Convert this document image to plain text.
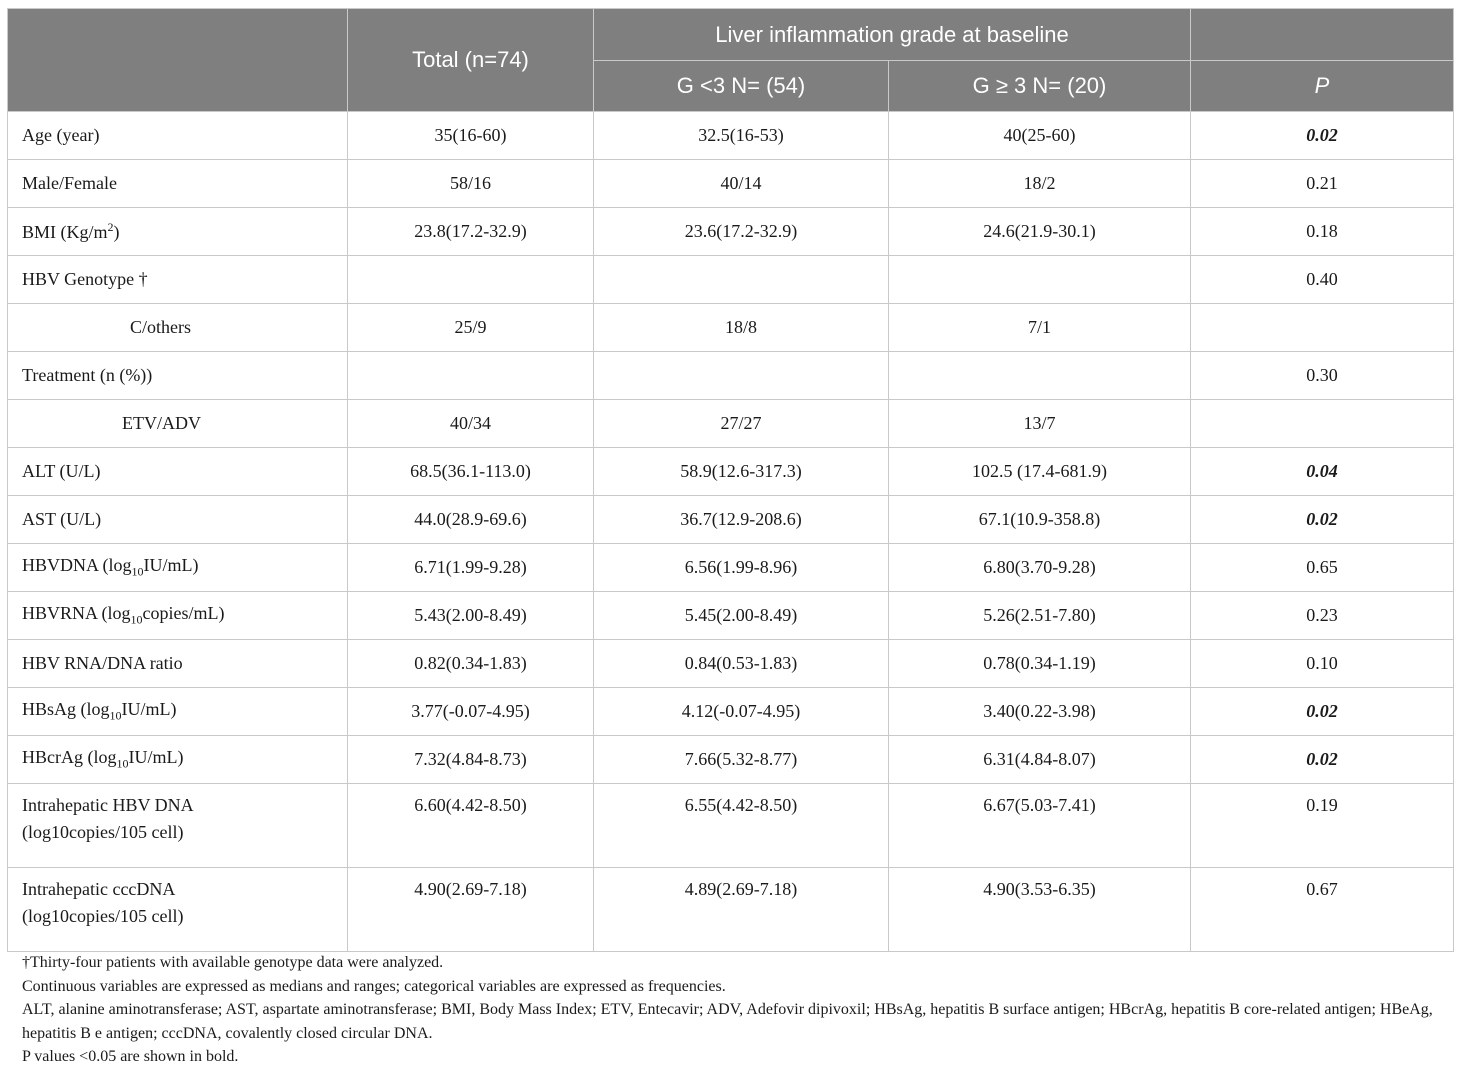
	Total (n=74)	Liver inflammation grade at baseline		
		G <3 N= (54)	G ≥ 3 N= (20)	P
Age (year)	35(16-60)	32.5(16-53)	40(25-60)	0.02
Male/Female	58/16	40/14	18/2	0.21
BMI $(Kg/m^2)$	23.8(17.2-32.9)	23.6(17.2-32.9)	24.6(21.9-30.1)	0.18
HBV Genotype †				0.40
C/others	25/9	18/8	7/1	
Treatment (n (%))				0.30
ETV/ADV	40/34	27/27	13/7	
ALT (U/L)	68.5(36.1-113.0)	58.9(12.6-317.3)	102.5 (17.4-681.9)	0.04
AST (U/L)	44.0(28.9-69.6)	36.7(12.9-208.6)	67.1(10.9-358.8)	0.02
HBVDNA $(\log_{10}IU/mL)$	6.71(1.99-9.28)	6.56(1.99-8.96)	6.80(3.70-9.28)	0.65
HBVRNA $(\log_{10}copies/mL)$	5.43(2.00-8.49)	5.45(2.00-8.49)	5.26(2.51-7.80)	0.23
HBV RNA/DNA ratio	0.82(0.34-1.83)	0.84(0.53-1.83)	0.78(0.34-1.19)	0.10
HBsAg $(\log_{10}IU/mL)$	3.77(-0.07-4.95)	4.12(-0.07-4.95)	3.40(0.22-3.98)	0.02
HBcrAg $(\log_{10}IU/mL)$	7.32(4.84-8.73)	7.66(5.32-8.77)	6.31(4.84-8.07)	0.02
Intrahepatic HBV DNA
(log10copies/105 cell)	6.60(4.42-8.50)	6.55(4.42-8.50)	6.67(5.03-7.41)	0.19
Intrahepatic cccDNA
(log10copies/105 cell)	4.90(2.69-7.18)	4.89(2.69-7.18)	4.90(3.53-6.35)	0.67

†Thirty-four patients with available genotype data were analyzed.

Continuous variables are expressed as medians and ranges; categorical variables are expressed as frequencies.

ALT, alanine aminotransferase; AST, aspartate aminotransferase; BMI, Body Mass Index; ETV, Entecavir; ADV, Adefovir dipivoxil; HBsAg, hepatitis B surface antigen; HBcrAg, hepatitis B core-related antigen; HBeAg, hepatitis B e antigen; cccDNA, covalently closed circular DNA.

P values <0.05 are shown in bold.
